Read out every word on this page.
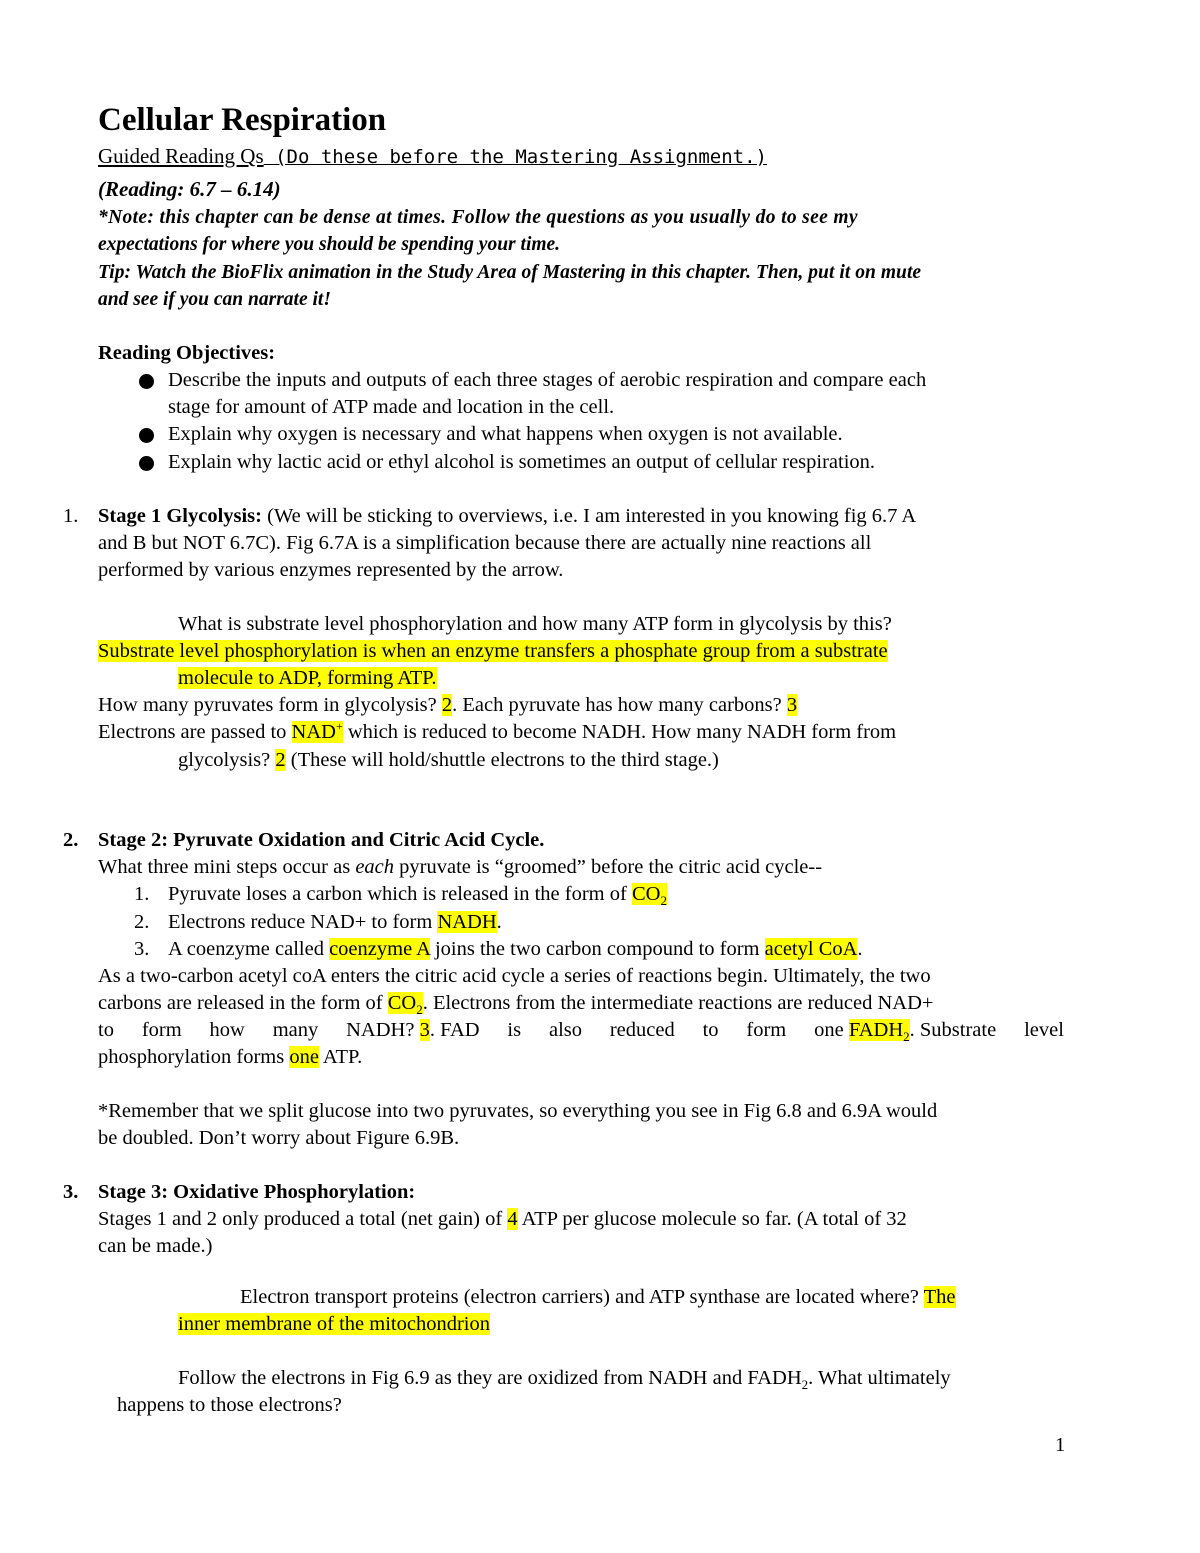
Cellular Respiration
Guided Reading Qs (Do these before the Mastering Assignment.)
(Reading: 6.7 – 6.14)
*Note: this chapter can be dense at times. Follow the questions as you usually do to see my
expectations for where you should be spending your time.
Tip: Watch the BioFlix animation in the Study Area of Mastering in this chapter. Then, put it on mute
and see if you can narrate it!
Reading Objectives:
Describe the inputs and outputs of each three stages of aerobic respiration and compare each
stage for amount of ATP made and location in the cell.
Explain why oxygen is necessary and what happens when oxygen is not available.
Explain why lactic acid or ethyl alcohol is sometimes an output of cellular respiration.
1. Stage 1 Glycolysis: (We will be sticking to overviews, i.e. I am interested in you knowing fig 6.7 A
and B but NOT 6.7C). Fig 6.7A is a simplification because there are actually nine reactions all
performed by various enzymes represented by the arrow.
What is substrate level phosphorylation and how many ATP form in glycolysis by this?
Substrate level phosphorylation is when an enzyme transfers a phosphate group from a substrate
molecule to ADP, forming ATP.
How many pyruvates form in glycolysis? 2. Each pyruvate has how many carbons? 3
Electrons are passed to NAD+ which is reduced to become NADH. How many NADH form from
glycolysis? 2 (These will hold/shuttle electrons to the third stage.)
2. Stage 2: Pyruvate Oxidation and Citric Acid Cycle.
What three mini steps occur as each pyruvate is “groomed” before the citric acid cycle--
1. Pyruvate loses a carbon which is released in the form of $CO_2$
2. Electrons reduce NAD+ to form NADH.
3. A coenzyme called coenzyme A joins the two carbon compound to form acetyl CoA.
As a two-carbon acetyl coA enters the citric acid cycle a series of reactions begin. Ultimately, the two
carbons are released in the form of $CO_2$. Electrons from the intermediate reactions are reduced NAD+
to form how many NADH? 3. FAD is also reduced to form one $FADH_2$. Substrate level
phosphorylation forms one ATP.
*Remember that we split glucose into two pyruvates, so everything you see in Fig 6.8 and 6.9A would
be doubled. Don’t worry about Figure 6.9B.
3. Stage 3: Oxidative Phosphorylation:
Stages 1 and 2 only produced a total (net gain) of 4 ATP per glucose molecule so far. (A total of 32
can be made.)
Electron transport proteins (electron carriers) and ATP synthase are located where? The
inner membrane of the mitochondrion
Follow the electrons in Fig 6.9 as they are oxidized from NADH and $FADH_2$. What ultimately
happens to those electrons?
1
